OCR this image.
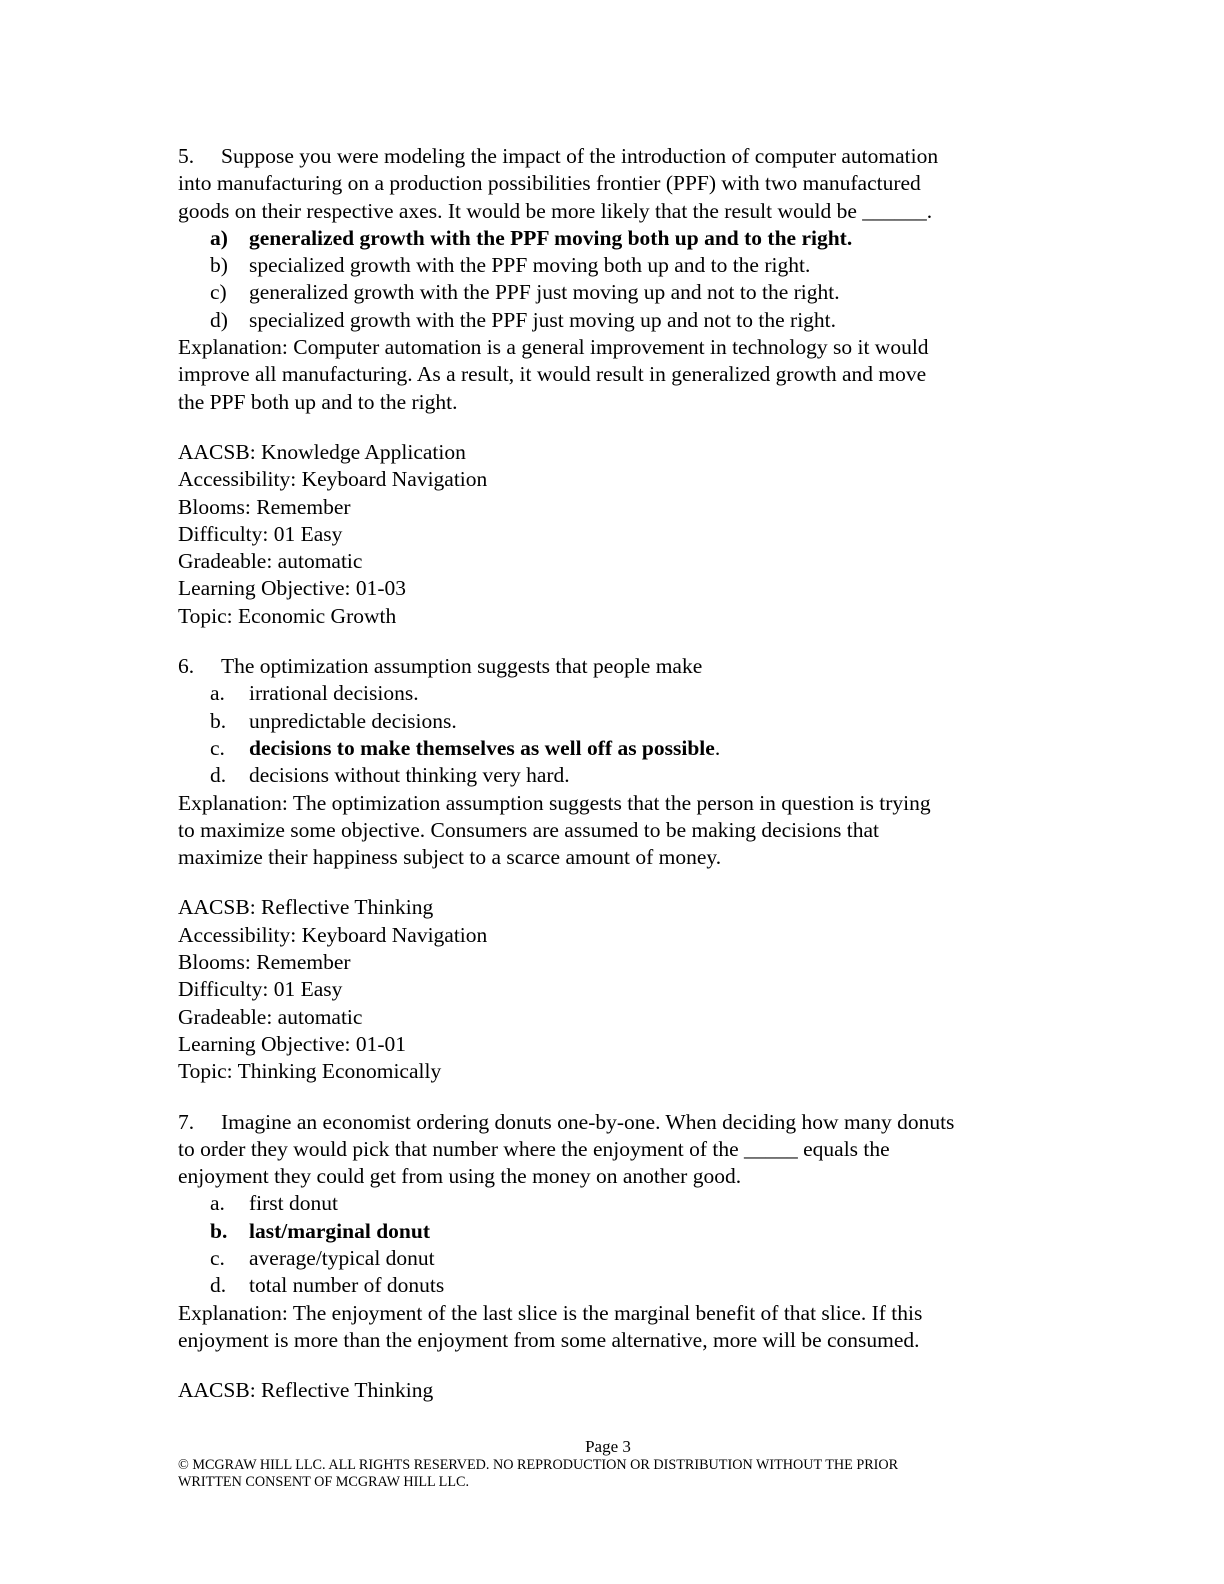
5. Suppose you were modeling the impact of the introduction of computer automation
into manufacturing on a production possibilities frontier (PPF) with two manufactured
goods on their respective axes. It would be more likely that the result would be ______.
a) generalized growth with the PPF moving both up and to the right.
b) specialized growth with the PPF moving both up and to the right.
c) generalized growth with the PPF just moving up and not to the right.
d) specialized growth with the PPF just moving up and not to the right.
Explanation: Computer automation is a general improvement in technology so it would
improve all manufacturing. As a result, it would result in generalized growth and move
the PPF both up and to the right.
AACSB: Knowledge Application
Accessibility: Keyboard Navigation
Blooms: Remember
Difficulty: 01 Easy
Gradeable: automatic
Learning Objective: 01-03
Topic: Economic Growth
6. The optimization assumption suggests that people make
a. irrational decisions.
b. unpredictable decisions.
c. decisions to make themselves as well off as possible.
d. decisions without thinking very hard.
Explanation: The optimization assumption suggests that the person in question is trying
to maximize some objective. Consumers are assumed to be making decisions that
maximize their happiness subject to a scarce amount of money.
AACSB: Reflective Thinking
Accessibility: Keyboard Navigation
Blooms: Remember
Difficulty: 01 Easy
Gradeable: automatic
Learning Objective: 01-01
Topic: Thinking Economically
7. Imagine an economist ordering donuts one-by-one. When deciding how many donuts
to order they would pick that number where the enjoyment of the _____ equals the
enjoyment they could get from using the money on another good.
a. first donut
b. last/marginal donut
c. average/typical donut
d. total number of donuts
Explanation: The enjoyment of the last slice is the marginal benefit of that slice. If this
enjoyment is more than the enjoyment from some alternative, more will be consumed.
AACSB: Reflective Thinking
Page 3
© MCGRAW HILL LLC. ALL RIGHTS RESERVED. NO REPRODUCTION OR DISTRIBUTION WITHOUT THE PRIOR
WRITTEN CONSENT OF MCGRAW HILL LLC.
